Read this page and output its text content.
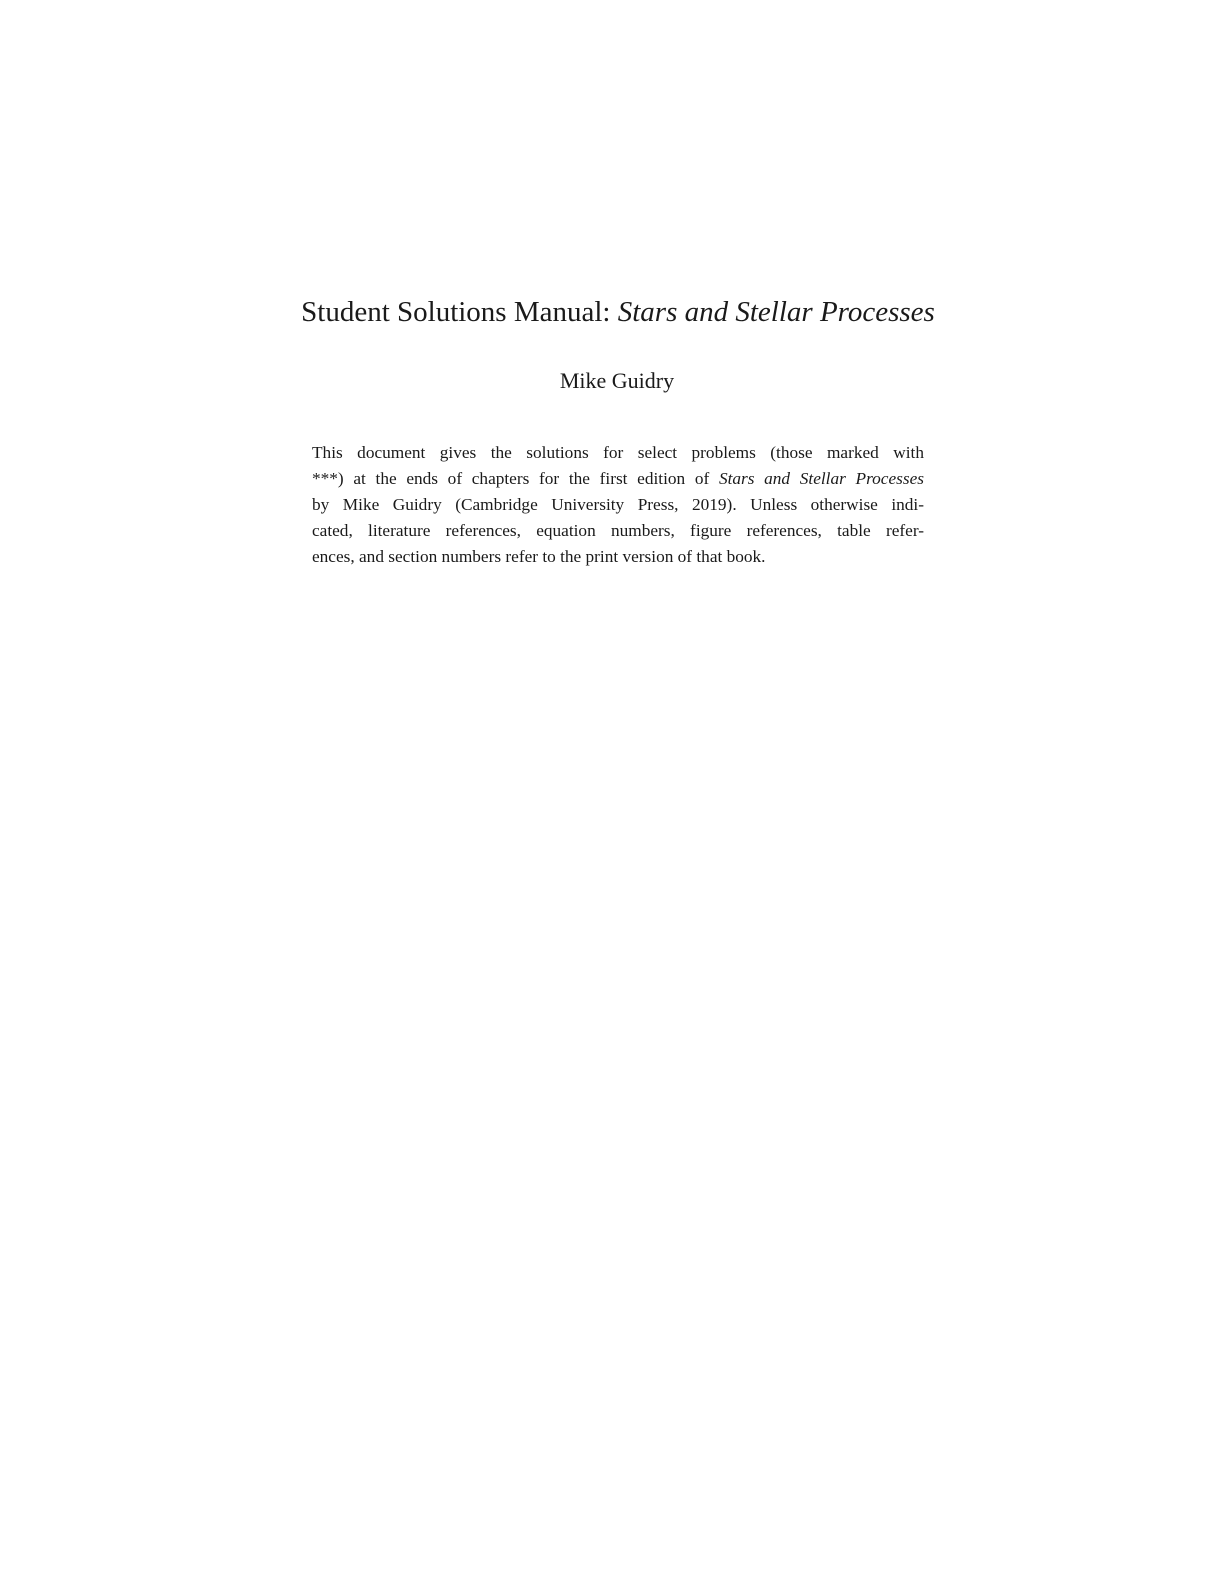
Student Solutions Manual: Stars and Stellar Processes

Mike Guidry

This document gives the solutions for select problems (those marked with
***) at the ends of chapters for the first edition of Stars and Stellar Processes
by Mike Guidry (Cambridge University Press, 2019). Unless otherwise indi-
cated, literature references, equation numbers, figure references, table refer-
ences, and section numbers refer to the print version of that book.
